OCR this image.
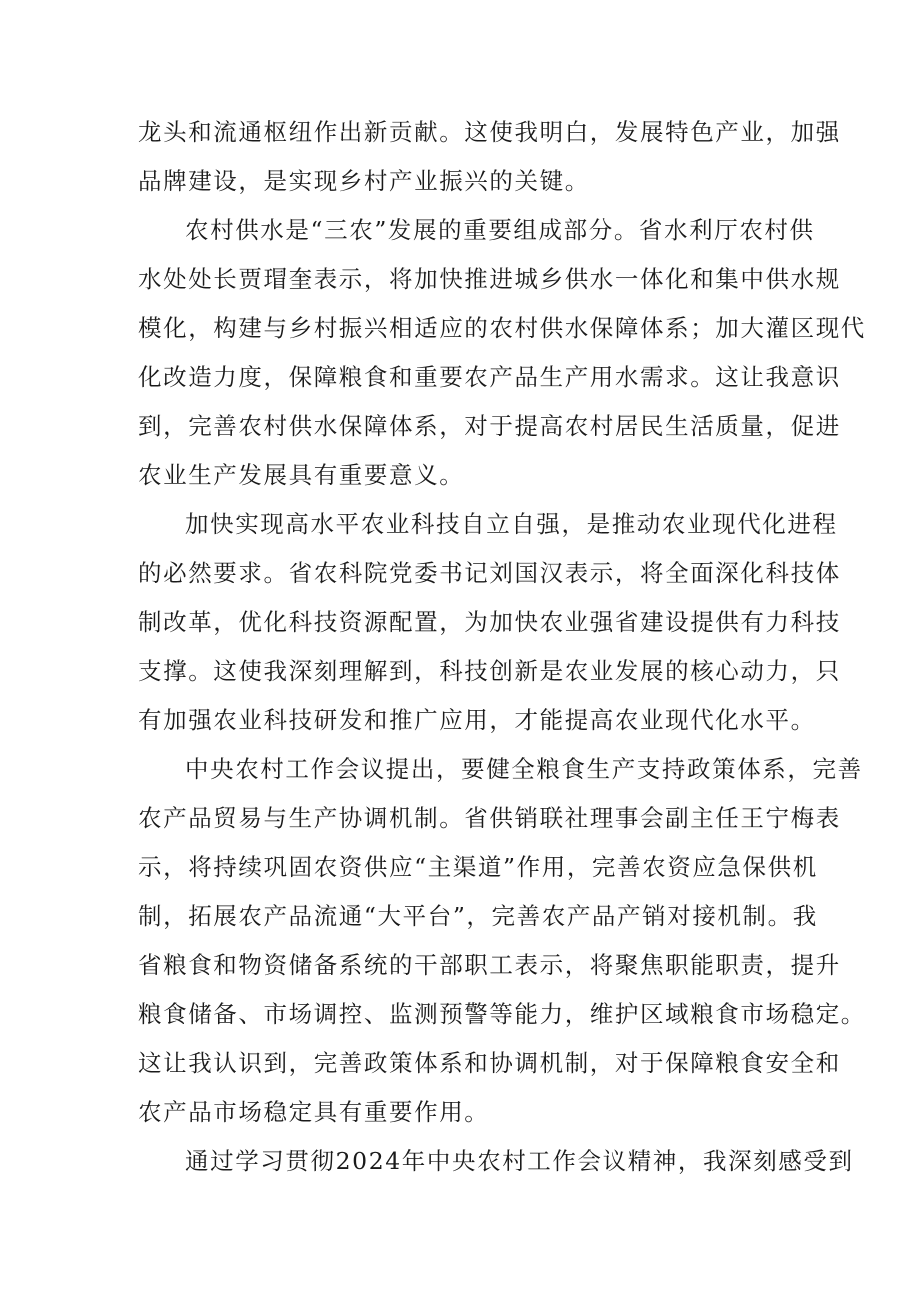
龙头和流通枢纽作出新贡献。这使我明白，发展特色产业，加强
品牌建设，是实现乡村产业振兴的关键。
农村供水是“三农”发展的重要组成部分。省水利厅农村供
水处处长贾瑁奎表示，将加快推进城乡供水一体化和集中供水规
模化，构建与乡村振兴相适应的农村供水保障体系；加大灌区现代
化改造力度，保障粮食和重要农产品生产用水需求。这让我意识
到，完善农村供水保障体系，对于提高农村居民生活质量，促进
农业生产发展具有重要意义。
加快实现高水平农业科技自立自强，是推动农业现代化进程
的必然要求。省农科院党委书记刘国汉表示，将全面深化科技体
制改革，优化科技资源配置，为加快农业强省建设提供有力科技
支撑。这使我深刻理解到，科技创新是农业发展的核心动力，只
有加强农业科技研发和推广应用，才能提高农业现代化水平。
中央农村工作会议提出，要健全粮食生产支持政策体系，完善
农产品贸易与生产协调机制。省供销联社理事会副主任王宁梅表
示，将持续巩固农资供应“主渠道”作用，完善农资应急保供机
制，拓展农产品流通“大平台”，完善农产品产销对接机制。我
省粮食和物资储备系统的干部职工表示，将聚焦职能职责，提升
粮食储备、市场调控、监测预警等能力，维护区域粮食市场稳定。
这让我认识到，完善政策体系和协调机制，对于保障粮食安全和
农产品市场稳定具有重要作用。
通过学习贯彻2024年中央农村工作会议精神，我深刻感受到
